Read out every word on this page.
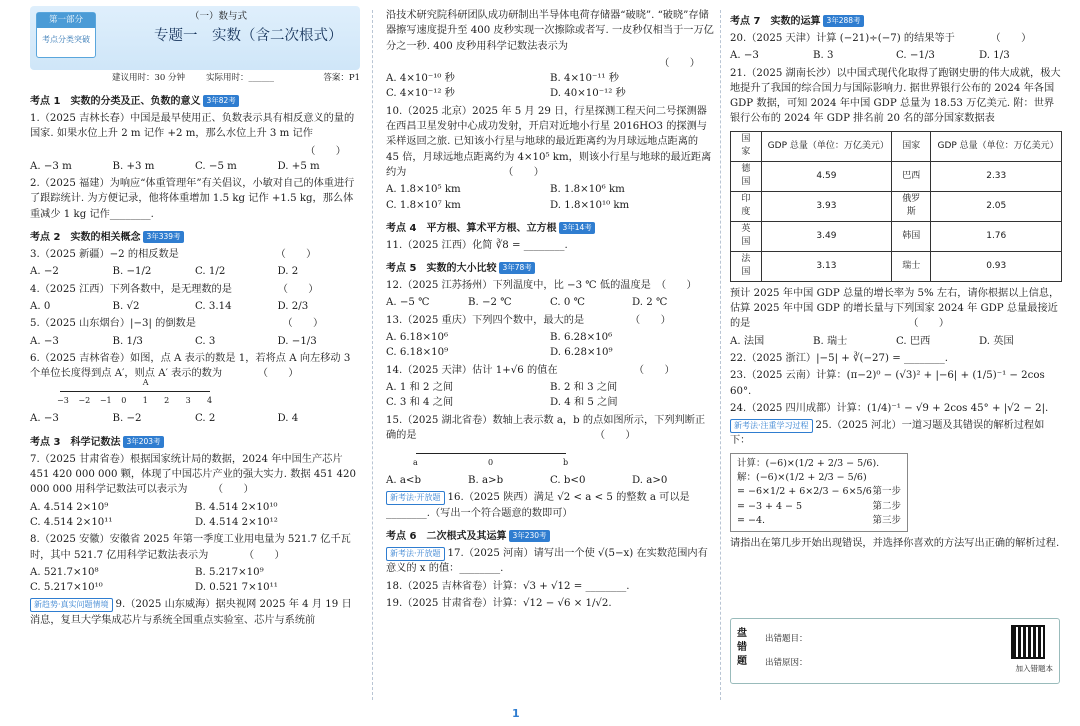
第一部分
考点分类突破
（一）数与式
专题一　实数（含二次根式）
建议用时：30 分钟 实际用时：______	答案：P1
考点 1　实数的分类及正、负数的意义 3年82考
1.（2025 吉林长春）中国是最早使用正、负数表示具有相反意义的量的国家. 如果水位上升 2 m 记作 +2 m，那么水位上升 3 m 记作
（　　）
A. −3 m	B. +3 m	C. −5 m	D. +5 m
2.（2025 福建）为响应“体重管理年”有关倡议，小敏对自己的体重进行了跟踪统计. 为方便记录，他将体重增加 1.5 kg 记作 +1.5 kg，那么体重减少 1 kg 记作________.
考点 2　实数的相关概念 3年339考
3.（2025 新疆）−2 的相反数是　　　　　　　　　　（　　）
A. −2	B. −1/2	C. 1/2	D. 2
4.（2025 江西）下列各数中，是无理数的是　　　　　（　　）
A. 0	B. √2	C. 3.14	D. 2/3
5.（2025 山东烟台）|−3| 的倒数是　　　　　　　　　（　　）
A. −3	B. 1/3	C. 3	D. −1/3
6.（2025 吉林省卷）如图，点 A 表示的数是 1，若将点 A 向左移动 3 个单位长度得到点 A′，则点 A′ 表示的数为　　　　（　　）
−3 −2 −1 0 1 2 3 4
A
A. −3	B. −2	C. 2	D. 4
考点 3　科学记数法 3年203考
7.（2025 甘肃省卷）根据国家统计局的数据，2024 年中国生产芯片 451 420 000 000 颗，体现了中国芯片产业的强大实力. 数据 451 420 000 000 用科学记数法可以表示为　　　（　　）
A. 4.514 2×10⁹	B. 4.514 2×10¹⁰
C. 4.514 2×10¹¹	D. 4.514 2×10¹²
8.（2025 安徽）安徽省 2025 年第一季度工业用电量为 521.7 亿千瓦时，其中 521.7 亿用科学记数法表示为　　　　（　　）
A. 521.7×10⁸	B. 5.217×10⁹
C. 5.217×10¹⁰	D. 0.521 7×10¹¹
新趋势·真实问题情境 9.（2025 山东威海）据央视网 2025 年 4 月 19 日消息，复旦大学集成芯片与系统全国重点实验室、芯片与系统前
沿技术研究院科研团队成功研制出半导体电荷存储器“破晓”. “破晓”存储器擦写速度提升至 400 皮秒实现一次擦除或者写. 一皮秒仅相当于一万亿分之一秒. 400 皮秒用科学记数法表示为
（　　）
A. 4×10⁻¹⁰ 秒	B. 4×10⁻¹¹ 秒
C. 4×10⁻¹² 秒	D. 40×10⁻¹² 秒
10.（2025 北京）2025 年 5 月 29 日，行星探测工程天问二号探测器在西昌卫星发射中心成功发射，开启对近地小行星 2016HO3 的探测与采样返回之旅. 已知该小行星与地球的最近距离约为月球远地点距离的 45 倍，月球远地点距离约为 4×10⁵ km，则该小行星与地球的最近距离约为　　　　　　　　　　（　　）
A. 1.8×10⁵ km	B. 1.8×10⁶ km
C. 1.8×10⁷ km	D. 1.8×10¹⁰ km
考点 4　平方根、算术平方根、立方根 3年14考
11.（2025 江西）化简 ∛8 = ________.
考点 5　实数的大小比较 3年78考
12.（2025 江苏扬州）下列温度中，比 −3 ℃ 低的温度是　（　　）
A. −5 ℃	B. −2 ℃	C. 0 ℃	D. 2 ℃
13.（2025 重庆）下列四个数中，最大的是　　　　　（　　）
A. 6.18×10⁶	B. 6.28×10⁶
C. 6.18×10⁹	D. 6.28×10⁹
14.（2025 天津）估计 1+√6 的值在　　　　　　　　（　　）
A. 1 和 2 之间	B. 2 和 3 之间
C. 3 和 4 之间	D. 4 和 5 之间
15.（2025 湖北省卷）数轴上表示数 a，b 的点如图所示，下列判断正确的是　　　　　　　　　　　　　　　　　　（　　）
a	0	b
A. a<b	B. a>b	C. b<0	D. a>0
新考法·开放题 16.（2025 陕西）满足 √2 < a < 5 的整数 a 可以是________.（写出一个符合题意的数即可）
考点 6　二次根式及其运算 3年230考
新考法·开放题 17.（2025 河南）请写出一个使 √(5−x) 在实数范围内有意义的 x 的值：________.
18.（2025 吉林省卷）计算：√3 + √12 = ________.
19.（2025 甘肃省卷）计算：√12 − √6 × 1/√2.
考点 7　实数的运算 3年288考
20.（2025 天津）计算 (−21)÷(−7) 的结果等于　　　　（　　）
A. −3	B. 3	C. −1/3	D. 1/3
21.（2025 湖南长沙）以中国式现代化取得了跑钢史册的伟大成就，极大地提升了我国的综合国力与国际影响力. 据世界银行公布的 2024 年各国 GDP 数据，可知 2024 年中国 GDP 总量为 18.53 万亿美元. 附：世界银行公布的 2024 年 GDP 排名前 20 名的部分国家数据表
国家	GDP 总量（单位：万亿美元）	国家	GDP 总量（单位：万亿美元）
德国	4.59	巴西	2.33
印度	3.93	俄罗斯	2.05
英国	3.49	韩国	1.76
法国	3.13	瑞士	0.93
预计 2025 年中国 GDP 总量的增长率为 5% 左右，请你根据以上信息，估算 2025 年中国 GDP 的增长量与下列国家 2024 年 GDP 总量最接近的是　　　　　　　　　　　　　　　　（　　）
A. 法国	B. 瑞士	C. 巴西	D. 英国
22.（2025 浙江）|−5| + ∛(−27) = ________.
23.（2025 云南）计算：(π−2)⁰ − (√3)² + |−6| + (1/5)⁻¹ − 2cos 60°.
24.（2025 四川成都）计算：(1/4)⁻¹ − √9 + 2cos 45° + |√2 − 2|.
新考法·注重学习过程 25.（2025 河北）一道习题及其错误的解析过程如下：
计算：(−6)×(1/2 + 2/3 − 5/6).
解：(−6)×(1/2 + 2/3 − 5/6)
= −6×1/2 + 6×2/3 − 6×5/6 第一步
= −3 + 4 − 5	第二步
= −4.	第三步
请指出在第几步开始出现错误，并选择你喜欢的方法写出正确的解析过程.
盘错题
出错题目：
出错原因：
加入错题本
1
